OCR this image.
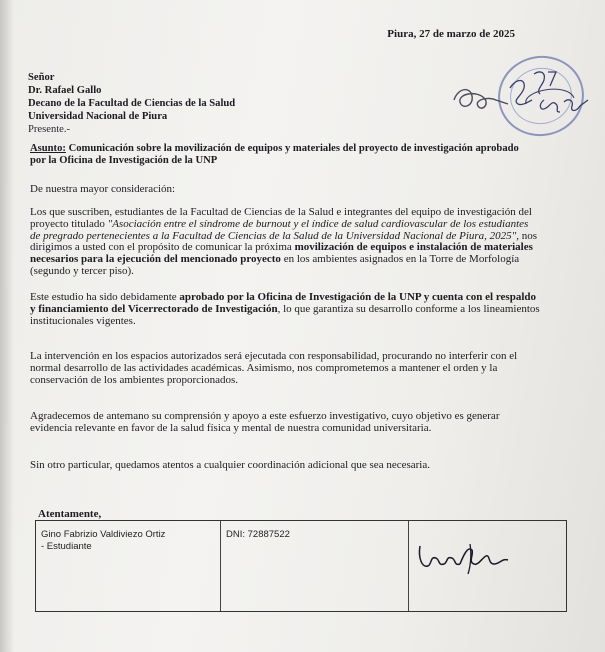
Piura, 27 de marzo de 2025
Señor
Dr. Rafael Gallo
Decano de la Facultad de Ciencias de la Salud
Universidad Nacional de Piura
Presente.-
Asunto: Comunicación sobre la movilización de equipos y materiales del proyecto de investigación aprobado por la Oficina de Investigación de la UNP
De nuestra mayor consideración:
Los que suscriben, estudiantes de la Facultad de Ciencias de la Salud e integrantes del equipo de investigación del proyecto titulado "Asociación entre el síndrome de burnout y el índice de salud cardiovascular de los estudiantes de pregrado pertenecientes a la Facultad de Ciencias de la Salud de la Universidad Nacional de Piura, 2025", nos dirigimos a usted con el propósito de comunicar la próxima movilización de equipos e instalación de materiales necesarios para la ejecución del mencionado proyecto en los ambientes asignados en la Torre de Morfología (segundo y tercer piso).
Este estudio ha sido debidamente aprobado por la Oficina de Investigación de la UNP y cuenta con el respaldo y financiamiento del Vicerrectorado de Investigación, lo que garantiza su desarrollo conforme a los lineamientos institucionales vigentes.
La intervención en los espacios autorizados será ejecutada con responsabilidad, procurando no interferir con el normal desarrollo de las actividades académicas. Asimismo, nos comprometemos a mantener el orden y la conservación de los ambientes proporcionados.
Agradecemos de antemano su comprensión y apoyo a este esfuerzo investigativo, cuyo objetivo es generar evidencia relevante en favor de la salud física y mental de nuestra comunidad universitaria.
Sin otro particular, quedamos atentos a cualquier coordinación adicional que sea necesaria.
Atentamente,
Gino Fabrizio Valdiviezo Ortiz
- Estudiante
DNI: 72887522
